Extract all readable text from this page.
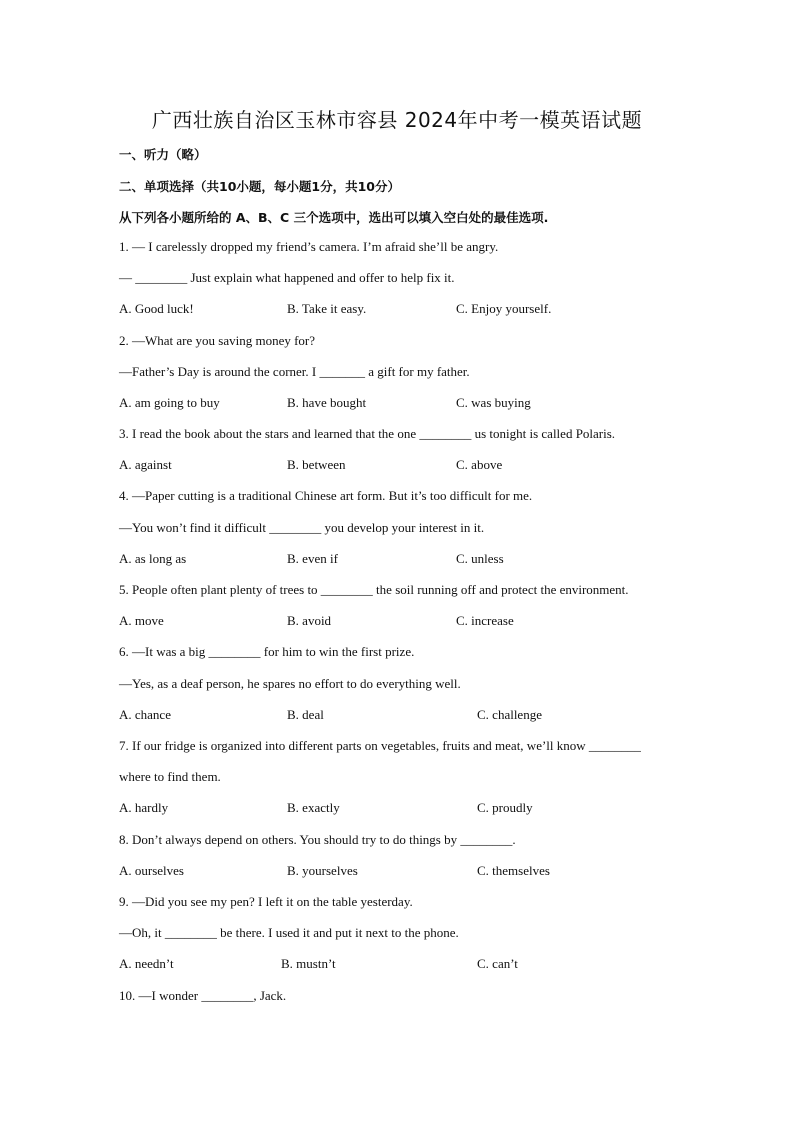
广西壮族自治区玉林市容县 2024年中考一模英语试题
一、听力（略）
二、单项选择（共10小题，每小题1分，共10分）
从下列各小题所给的 A、B、C 三个选项中，选出可以填入空白处的最佳选项.
1. — I carelessly dropped my friend’s camera. I’m afraid she’ll be angry.
— ________ Just explain what happened and offer to help fix it.
A. Good luck!	B. Take it easy.	C. Enjoy yourself.
2. —What are you saving money for?
—Father’s Day is around the corner. I _______ a gift for my father.
A. am going to buy	B. have bought	C. was buying
3. I read the book about the stars and learned that the one ________ us tonight is called Polaris.
A. against	B. between	C. above
4. —Paper cutting is a traditional Chinese art form. But it’s too difficult for me.
—You won’t find it difficult ________ you develop your interest in it.
A. as long as	B. even if	C. unless
5. People often plant plenty of trees to ________ the soil running off and protect the environment.
A. move	B. avoid	C. increase
6. —It was a big ________ for him to win the first prize.
—Yes, as a deaf person, he spares no effort to do everything well.
A. chance	B. deal	C. challenge
7. If our fridge is organized into different parts on vegetables, fruits and meat, we’ll know ________
where to find them.
A. hardly	B. exactly	C. proudly
8. Don’t always depend on others. You should try to do things by ________.
A. ourselves	B. yourselves	C. themselves
9. —Did you see my pen? I left it on the table yesterday.
—Oh, it ________ be there. I used it and put it next to the phone.
A. needn’t	B. mustn’t	C. can’t
10. —I wonder ________, Jack.
